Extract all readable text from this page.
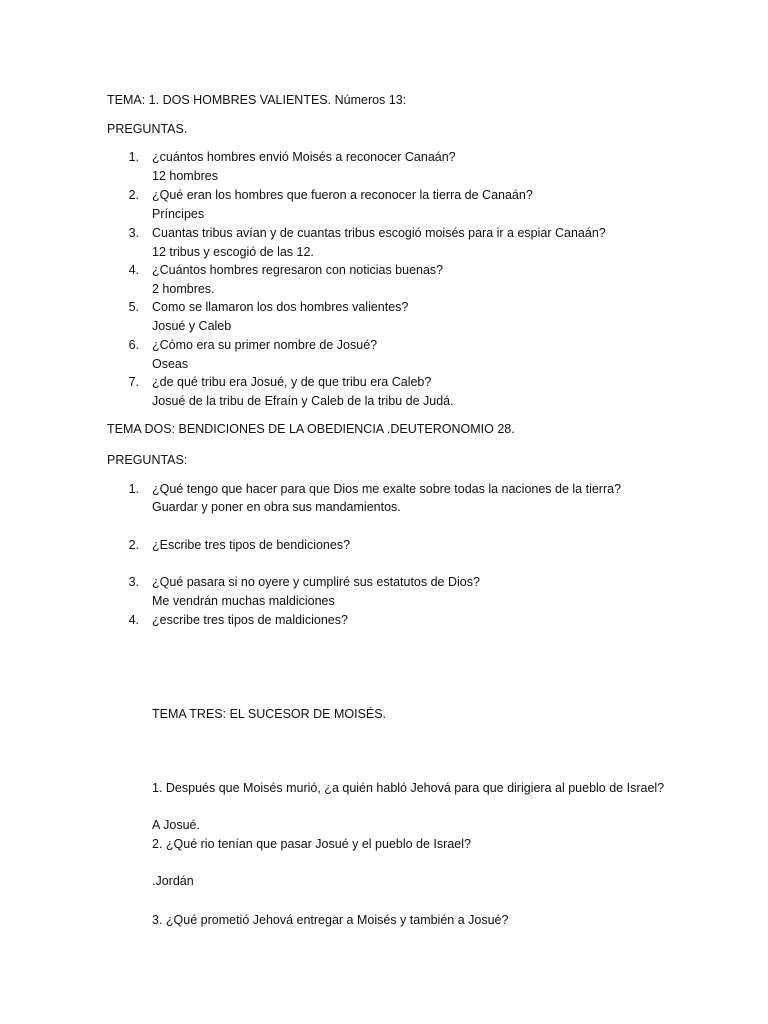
TEMA: 1. DOS HOMBRES VALIENTES. Números 13:
PREGUNTAS.
1. ¿cuántos hombres envió Moisés a reconocer Canaán?
12 hombres
2. ¿Qué eran los hombres que fueron a reconocer la tierra de Canaán?
Príncipes
3. Cuantas tribus avían y de cuantas tribus escogió moisés para ir a espiar Canaán?
12 tribus y escogió de las 12.
4. ¿Cuántos hombres regresaron con noticias buenas?
2 hombres.
5. Como se llamaron los dos hombres valientes?
Josué y Caleb
6. ¿Cómo era su primer nombre de Josué?
Oseas
7. ¿de qué tribu era Josué, y de que tribu era Caleb?
Josué de la tribu de Efraín y Caleb de la tribu de Judá.
TEMA DOS: BENDICIONES DE LA OBEDIENCIA .DEUTERONOMIO 28.
PREGUNTAS:
1. ¿Qué tengo que hacer para que Dios me exalte sobre todas la naciones de la tierra?
Guardar y poner en obra sus mandamientos.
2. ¿Escribe tres tipos de bendiciones?
3. ¿Qué pasara si no oyere y cumpliré sus estatutos de Dios?
Me vendrán muchas maldiciones
4. ¿escribe tres tipos de maldiciones?
TEMA TRES: EL SUCESOR DE MOISÉS.
1. Después que Moisés murió, ¿a quién habló Jehová para que dirigiera al pueblo de Israel?
A Josué.
2. ¿Qué rio tenían que pasar Josué y el pueblo de Israel?
.Jordán
3. ¿Qué prometió Jehová entregar a Moisés y también a Josué?
